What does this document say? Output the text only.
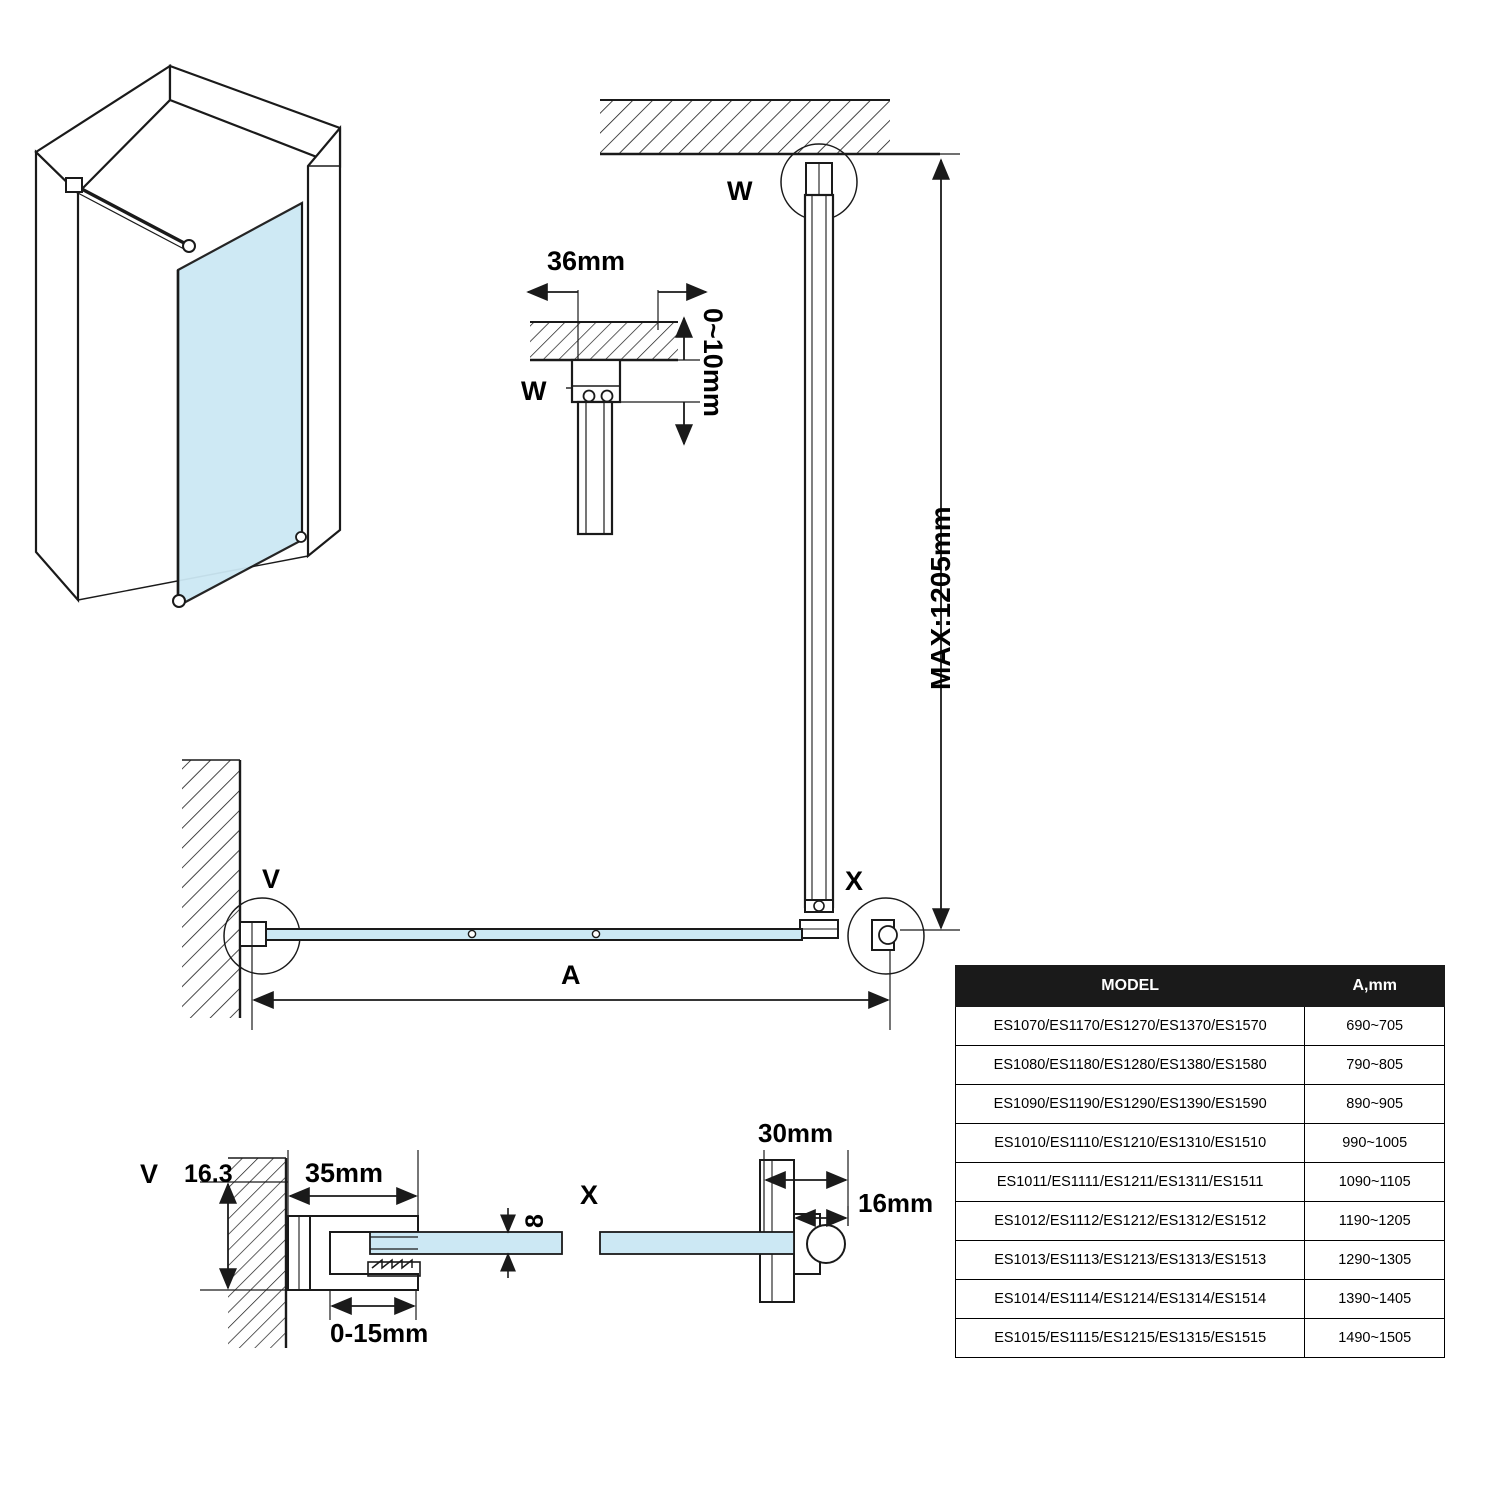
W
W
V	X
V
X
36mm
0~10mm
MAX:1205mm
A
16.3	35mm
8
0-15mm
30mm
16mm
MODEL	A,mm
ES1070/ES1170/ES1270/ES1370/ES1570	690~705
ES1080/ES1180/ES1280/ES1380/ES1580	790~805
ES1090/ES1190/ES1290/ES1390/ES1590	890~905
ES1010/ES1110/ES1210/ES1310/ES1510	990~1005
ES1011/ES1111/ES1211/ES1311/ES1511	1090~1105
ES1012/ES1112/ES1212/ES1312/ES1512	1190~1205
ES1013/ES1113/ES1213/ES1313/ES1513	1290~1305
ES1014/ES1114/ES1214/ES1314/ES1514	1390~1405
ES1015/ES1115/ES1215/ES1315/ES1515	1490~1505
